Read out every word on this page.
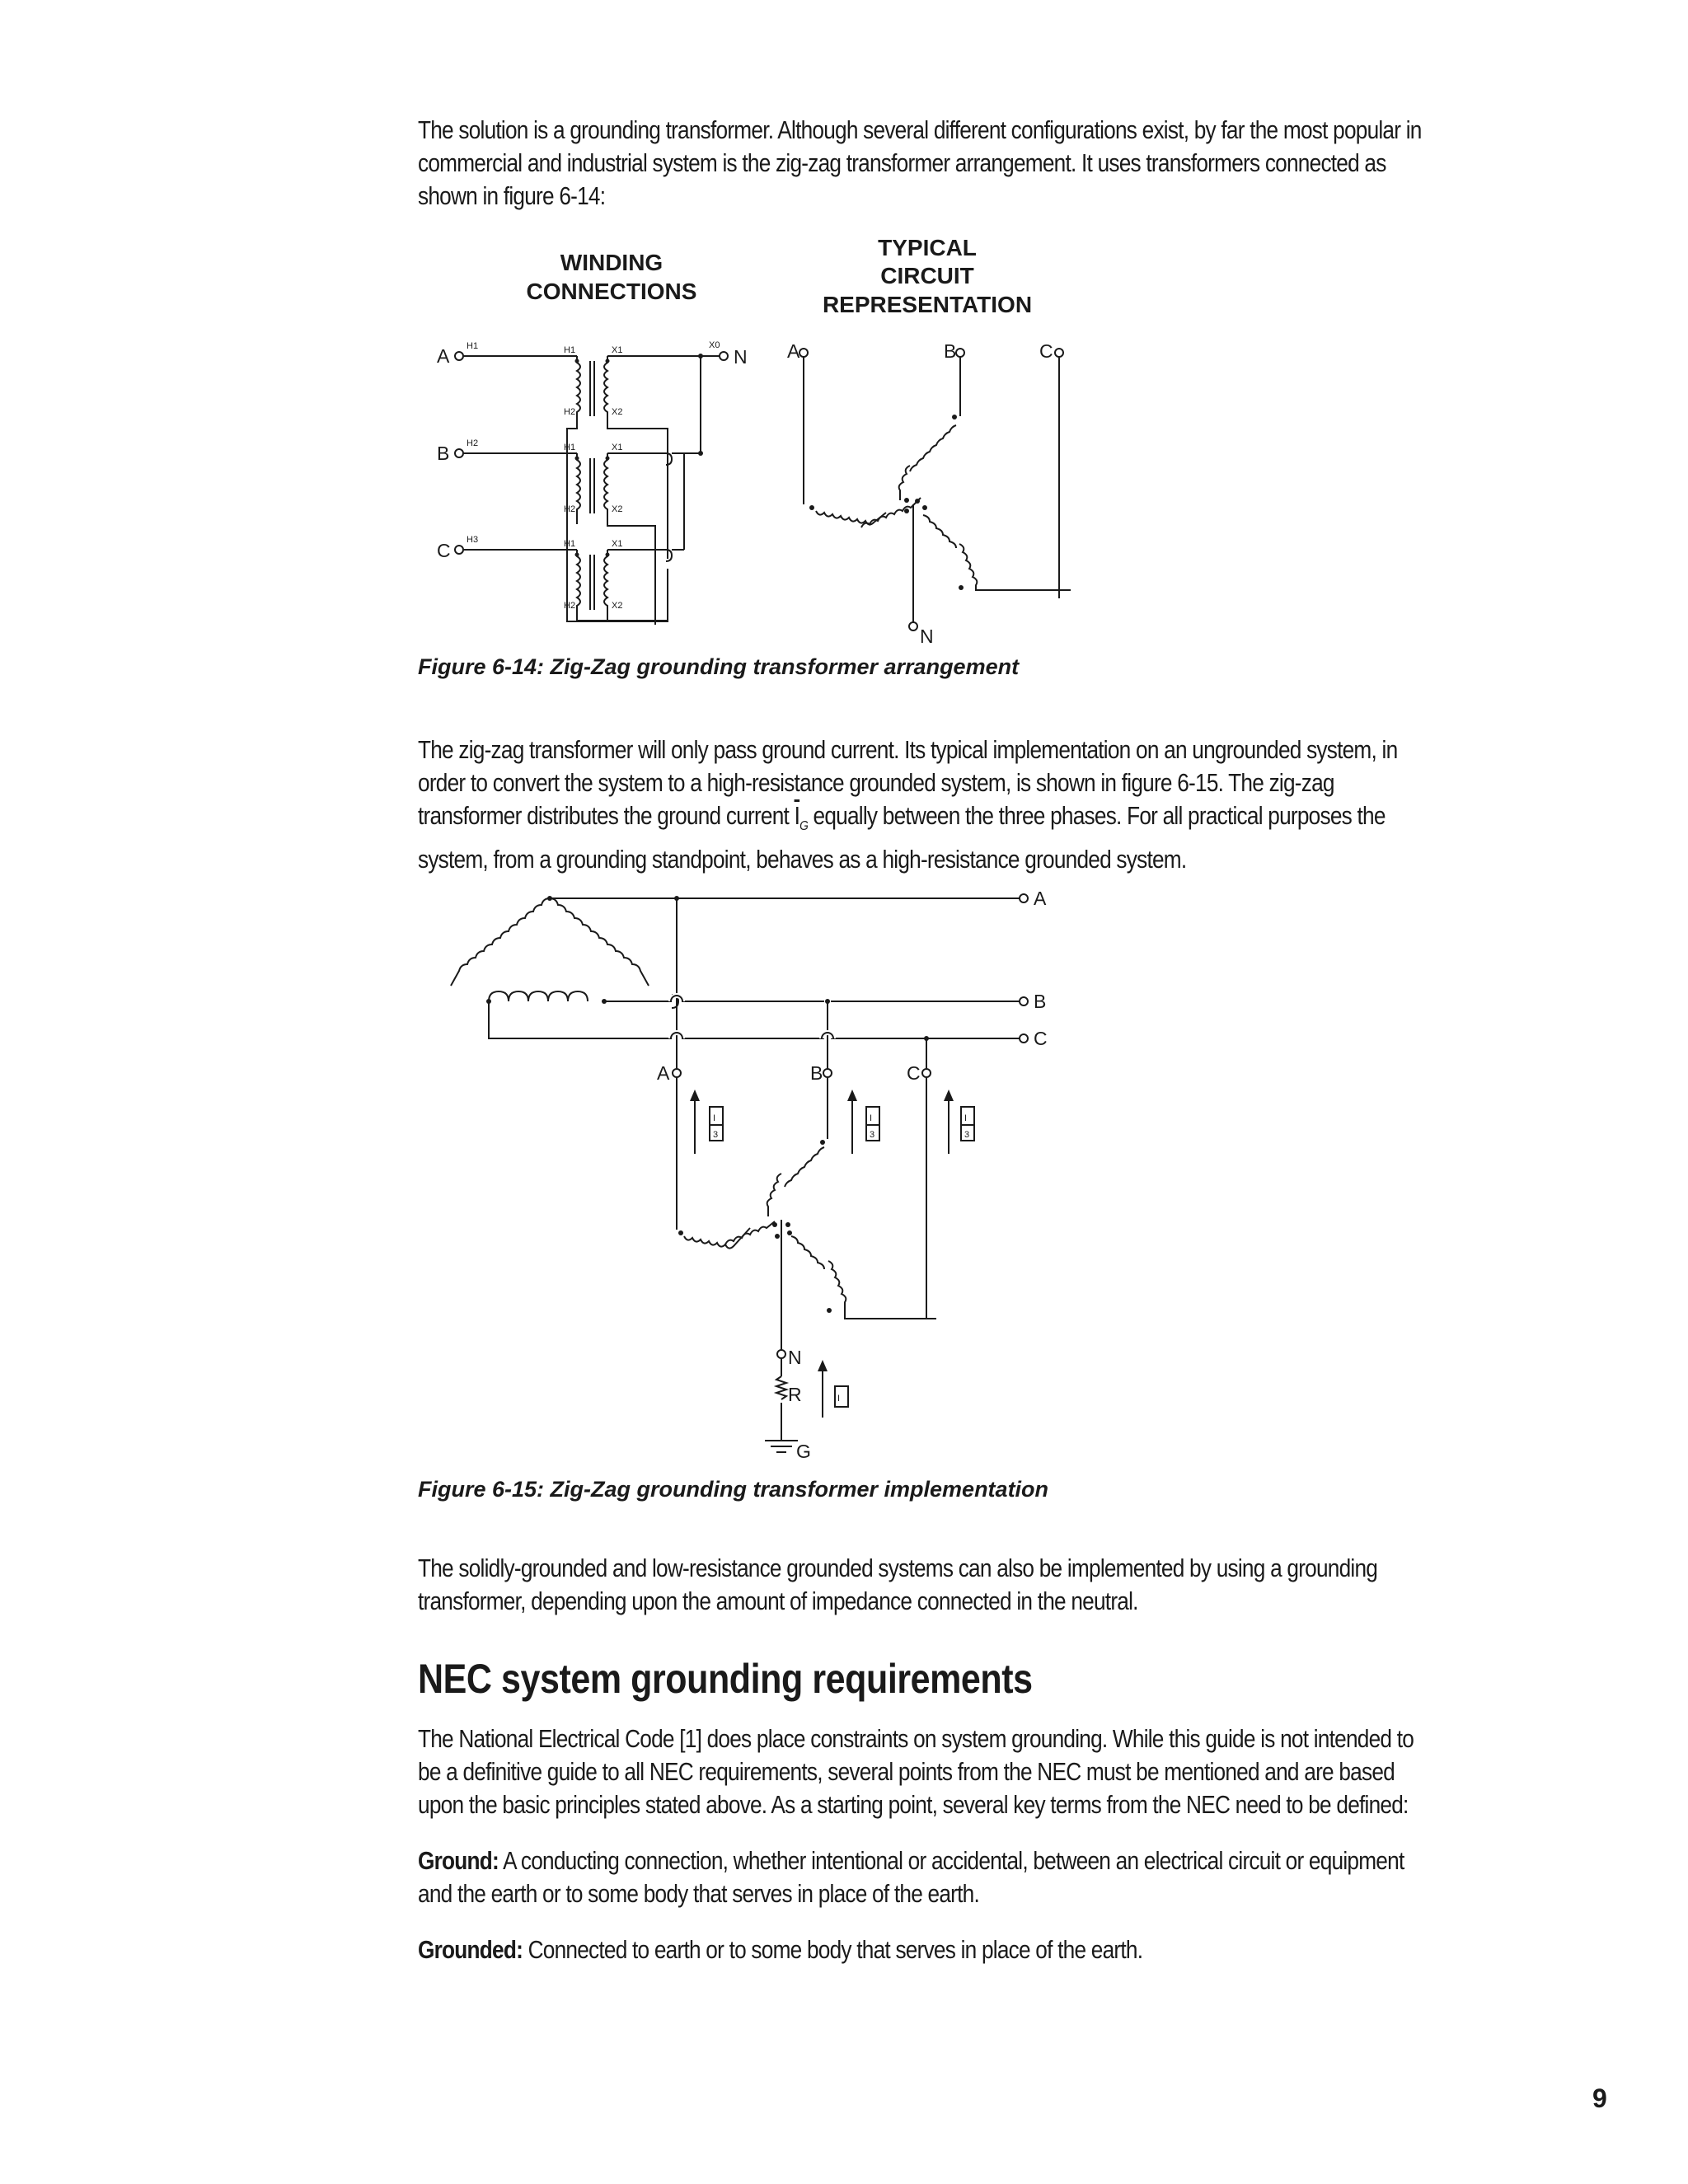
The solution is a grounding transformer. Although several different configurations exist, by far the most popular in
commercial and industrial system is the zig-zag transformer arrangement. It uses transformers connected as
shown in figure 6-14:
WINDING
CONNECTIONS
TYPICAL
CIRCUIT
REPRESENTATION
A
B
C
N
H1
H2
H3
X0
H1	X1
H2	X2
H1	X1
H2	X2
H1	X1
H2	X2
A	B	C
N
Figure 6-14: Zig-Zag grounding transformer arrangement
The zig-zag transformer will only pass ground current. Its typical implementation on an ungrounded system, in
order to convert the system to a high-resistance grounded system, is shown in figure 6-15. The zig-zag
transformer distributes the ground current $\overline{I}_G$ equally between the three phases. For all practical purposes the
system, from a grounding standpoint, behaves as a high-resistance grounded system.
A
B
C
A	B	C
N
R
G
I
3
I
3
I
3
I
Figure 6-15: Zig-Zag grounding transformer implementation
The solidly-grounded and low-resistance grounded systems can also be implemented by using a grounding
transformer, depending upon the amount of impedance connected in the neutral.
NEC system grounding requirements
The National Electrical Code [1] does place constraints on system grounding. While this guide is not intended to
be a definitive guide to all NEC requirements, several points from the NEC must be mentioned and are based
upon the basic principles stated above. As a starting point, several key terms from the NEC need to be defined:
Ground: A conducting connection, whether intentional or accidental, between an electrical circuit or equipment
and the earth or to some body that serves in place of the earth.
Grounded: Connected to earth or to some body that serves in place of the earth.
9
